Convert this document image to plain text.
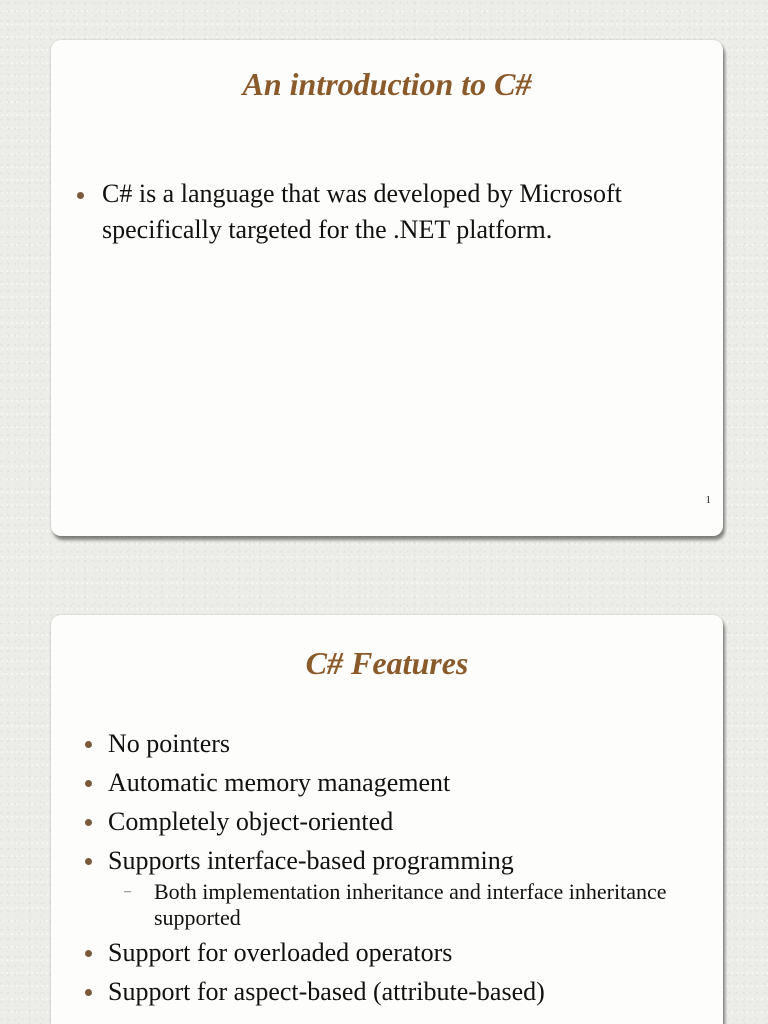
An introduction to C#
C# is a language that was developed by Microsoft specifically targeted for the .NET platform.
1
C# Features
No pointers
Automatic memory management
Completely object-oriented
Supports interface-based programming
– Both implementation inheritance and interface inheritance supported
Support for overloaded operators
Support for aspect-based (attribute-based)
